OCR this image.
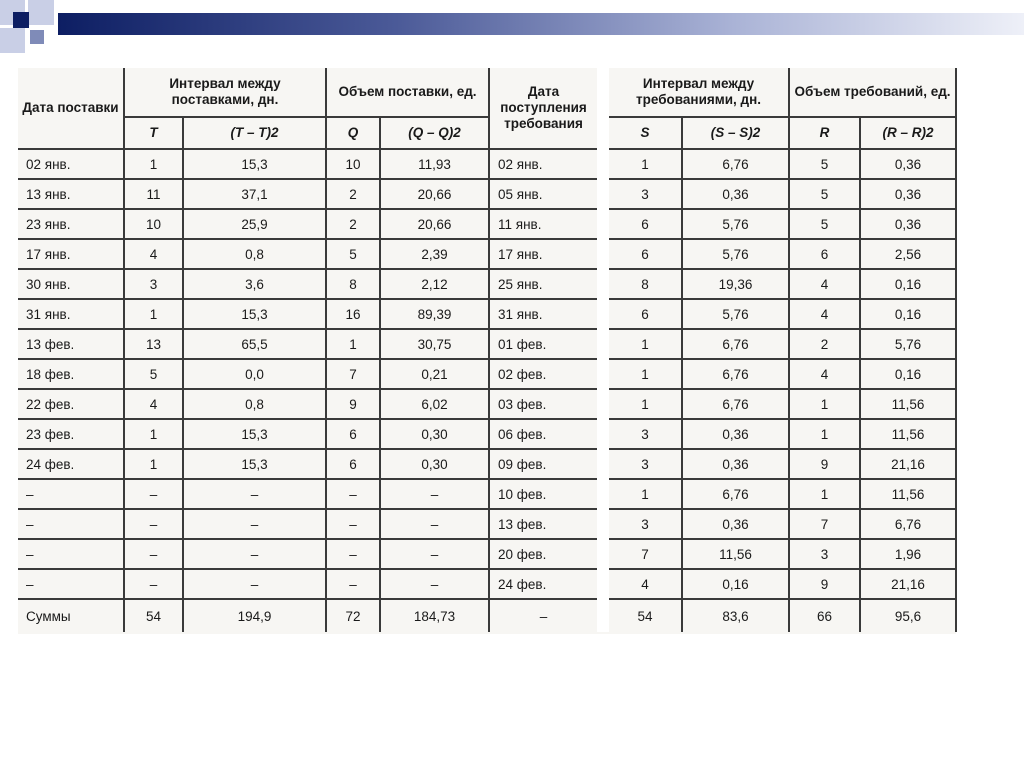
Дата поставки	Интервал между поставками, дн.		Объем поставки, ед.		Дата поступления требования		Интервал между требованиями, дн.		Объем требований, ед.	
	T	(T – T)2	Q	(Q – Q)2			S	(S – S)2	R	(R – R)2
02 янв.	1	15,3	10	11,93	02 янв.		1	6,76	5	0,36
13 янв.	11	37,1	2	20,66	05 янв.		3	0,36	5	0,36
23 янв.	10	25,9	2	20,66	11 янв.		6	5,76	5	0,36
17 янв.	4	0,8	5	2,39	17 янв.		6	5,76	6	2,56
30 янв.	3	3,6	8	2,12	25 янв.		8	19,36	4	0,16
31 янв.	1	15,3	16	89,39	31 янв.		6	5,76	4	0,16
13 фев.	13	65,5	1	30,75	01 фев.		1	6,76	2	5,76
18 фев.	5	0,0	7	0,21	02 фев.		1	6,76	4	0,16
22 фев.	4	0,8	9	6,02	03 фев.		1	6,76	1	11,56
23 фев.	1	15,3	6	0,30	06 фев.		3	0,36	1	11,56
24 фев.	1	15,3	6	0,30	09 фев.		3	0,36	9	21,16
–	–	–	–	–	10 фев.		1	6,76	1	11,56
–	–	–	–	–	13 фев.		3	0,36	7	6,76
–	–	–	–	–	20 фев.		7	11,56	3	1,96
–	–	–	–	–	24 фев.		4	0,16	9	21,16
Суммы	54	194,9	72	184,73	–		54	83,6	66	95,6
